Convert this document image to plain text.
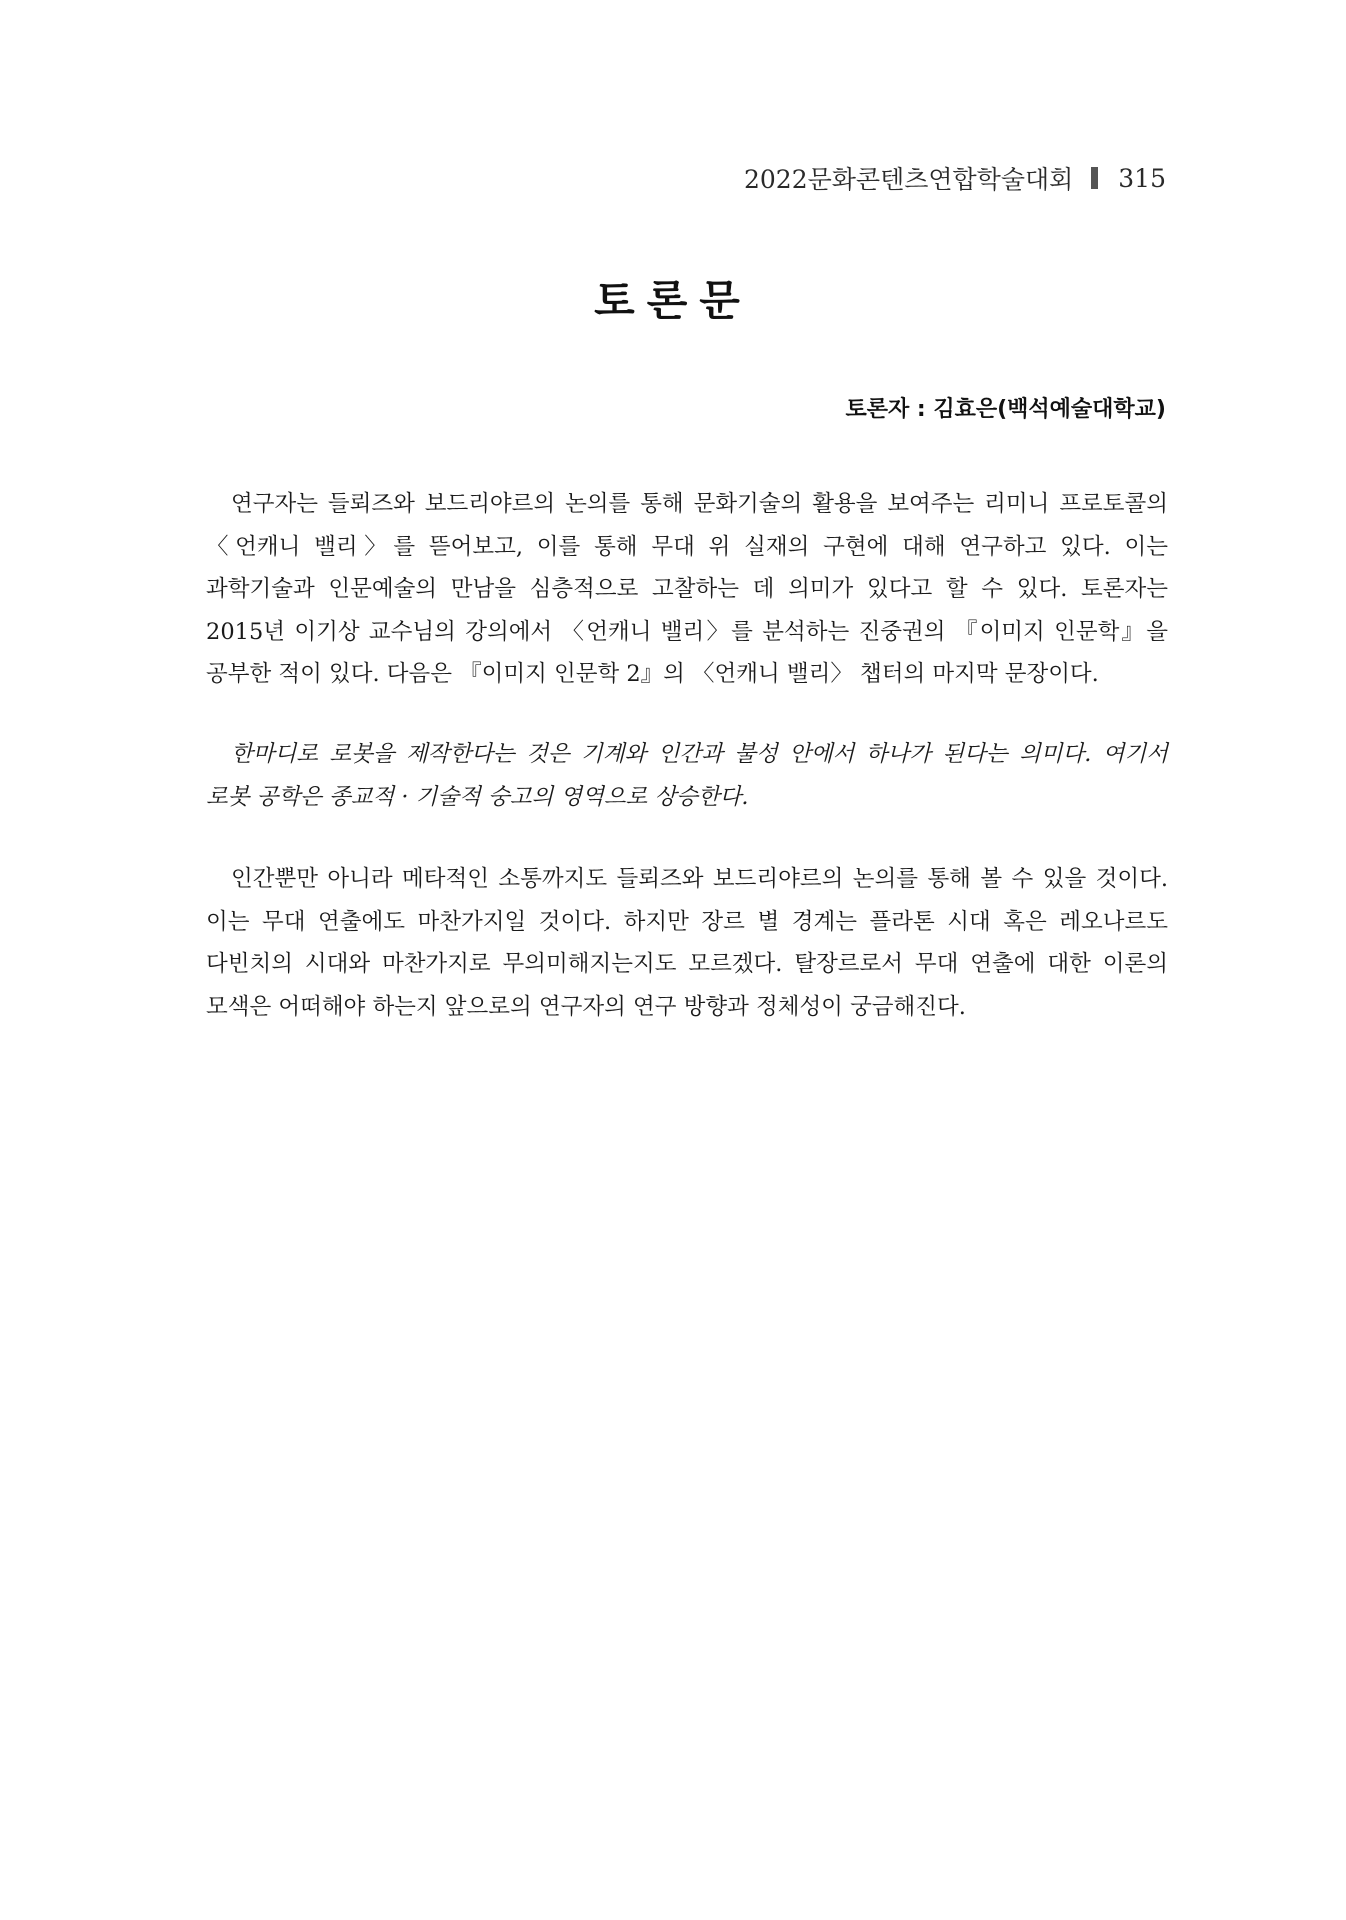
2022문화콘텐츠연합학술대회 315
토론문
토론자 : 김효은(백석예술대학교)

연구자는 들뢰즈와 보드리야르의 논의를 통해 문화기술의 활용을 보여주는 리미니 프로토콜의 〈언캐니 밸리〉를 뜯어보고, 이를 통해 무대 위 실재의 구현에 대해 연구하고 있다. 이는 과학기술과 인문예술의 만남을 심층적으로 고찰하는 데 의미가 있다고 할 수 있다. 토론자는 2015년 이기상 교수님의 강의에서 〈언캐니 밸리〉를 분석하는 진중권의 『이미지 인문학』을 공부한 적이 있다. 다음은 『이미지 인문학 2』의 〈언캐니 밸리〉 챕터의 마지막 문장이다.

한마디로 로봇을 제작한다는 것은 기계와 인간과 불성 안에서 하나가 된다는 의미다. 여기서 로봇 공학은 종교적 · 기술적 숭고의 영역으로 상승한다.

인간뿐만 아니라 메타적인 소통까지도 들뢰즈와 보드리야르의 논의를 통해 볼 수 있을 것이다. 이는 무대 연출에도 마찬가지일 것이다. 하지만 장르 별 경계는 플라톤 시대 혹은 레오나르도 다빈치의 시대와 마찬가지로 무의미해지는지도 모르겠다. 탈장르로서 무대 연출에 대한 이론의 모색은 어떠해야 하는지 앞으로의 연구자의 연구 방향과 정체성이 궁금해진다.
